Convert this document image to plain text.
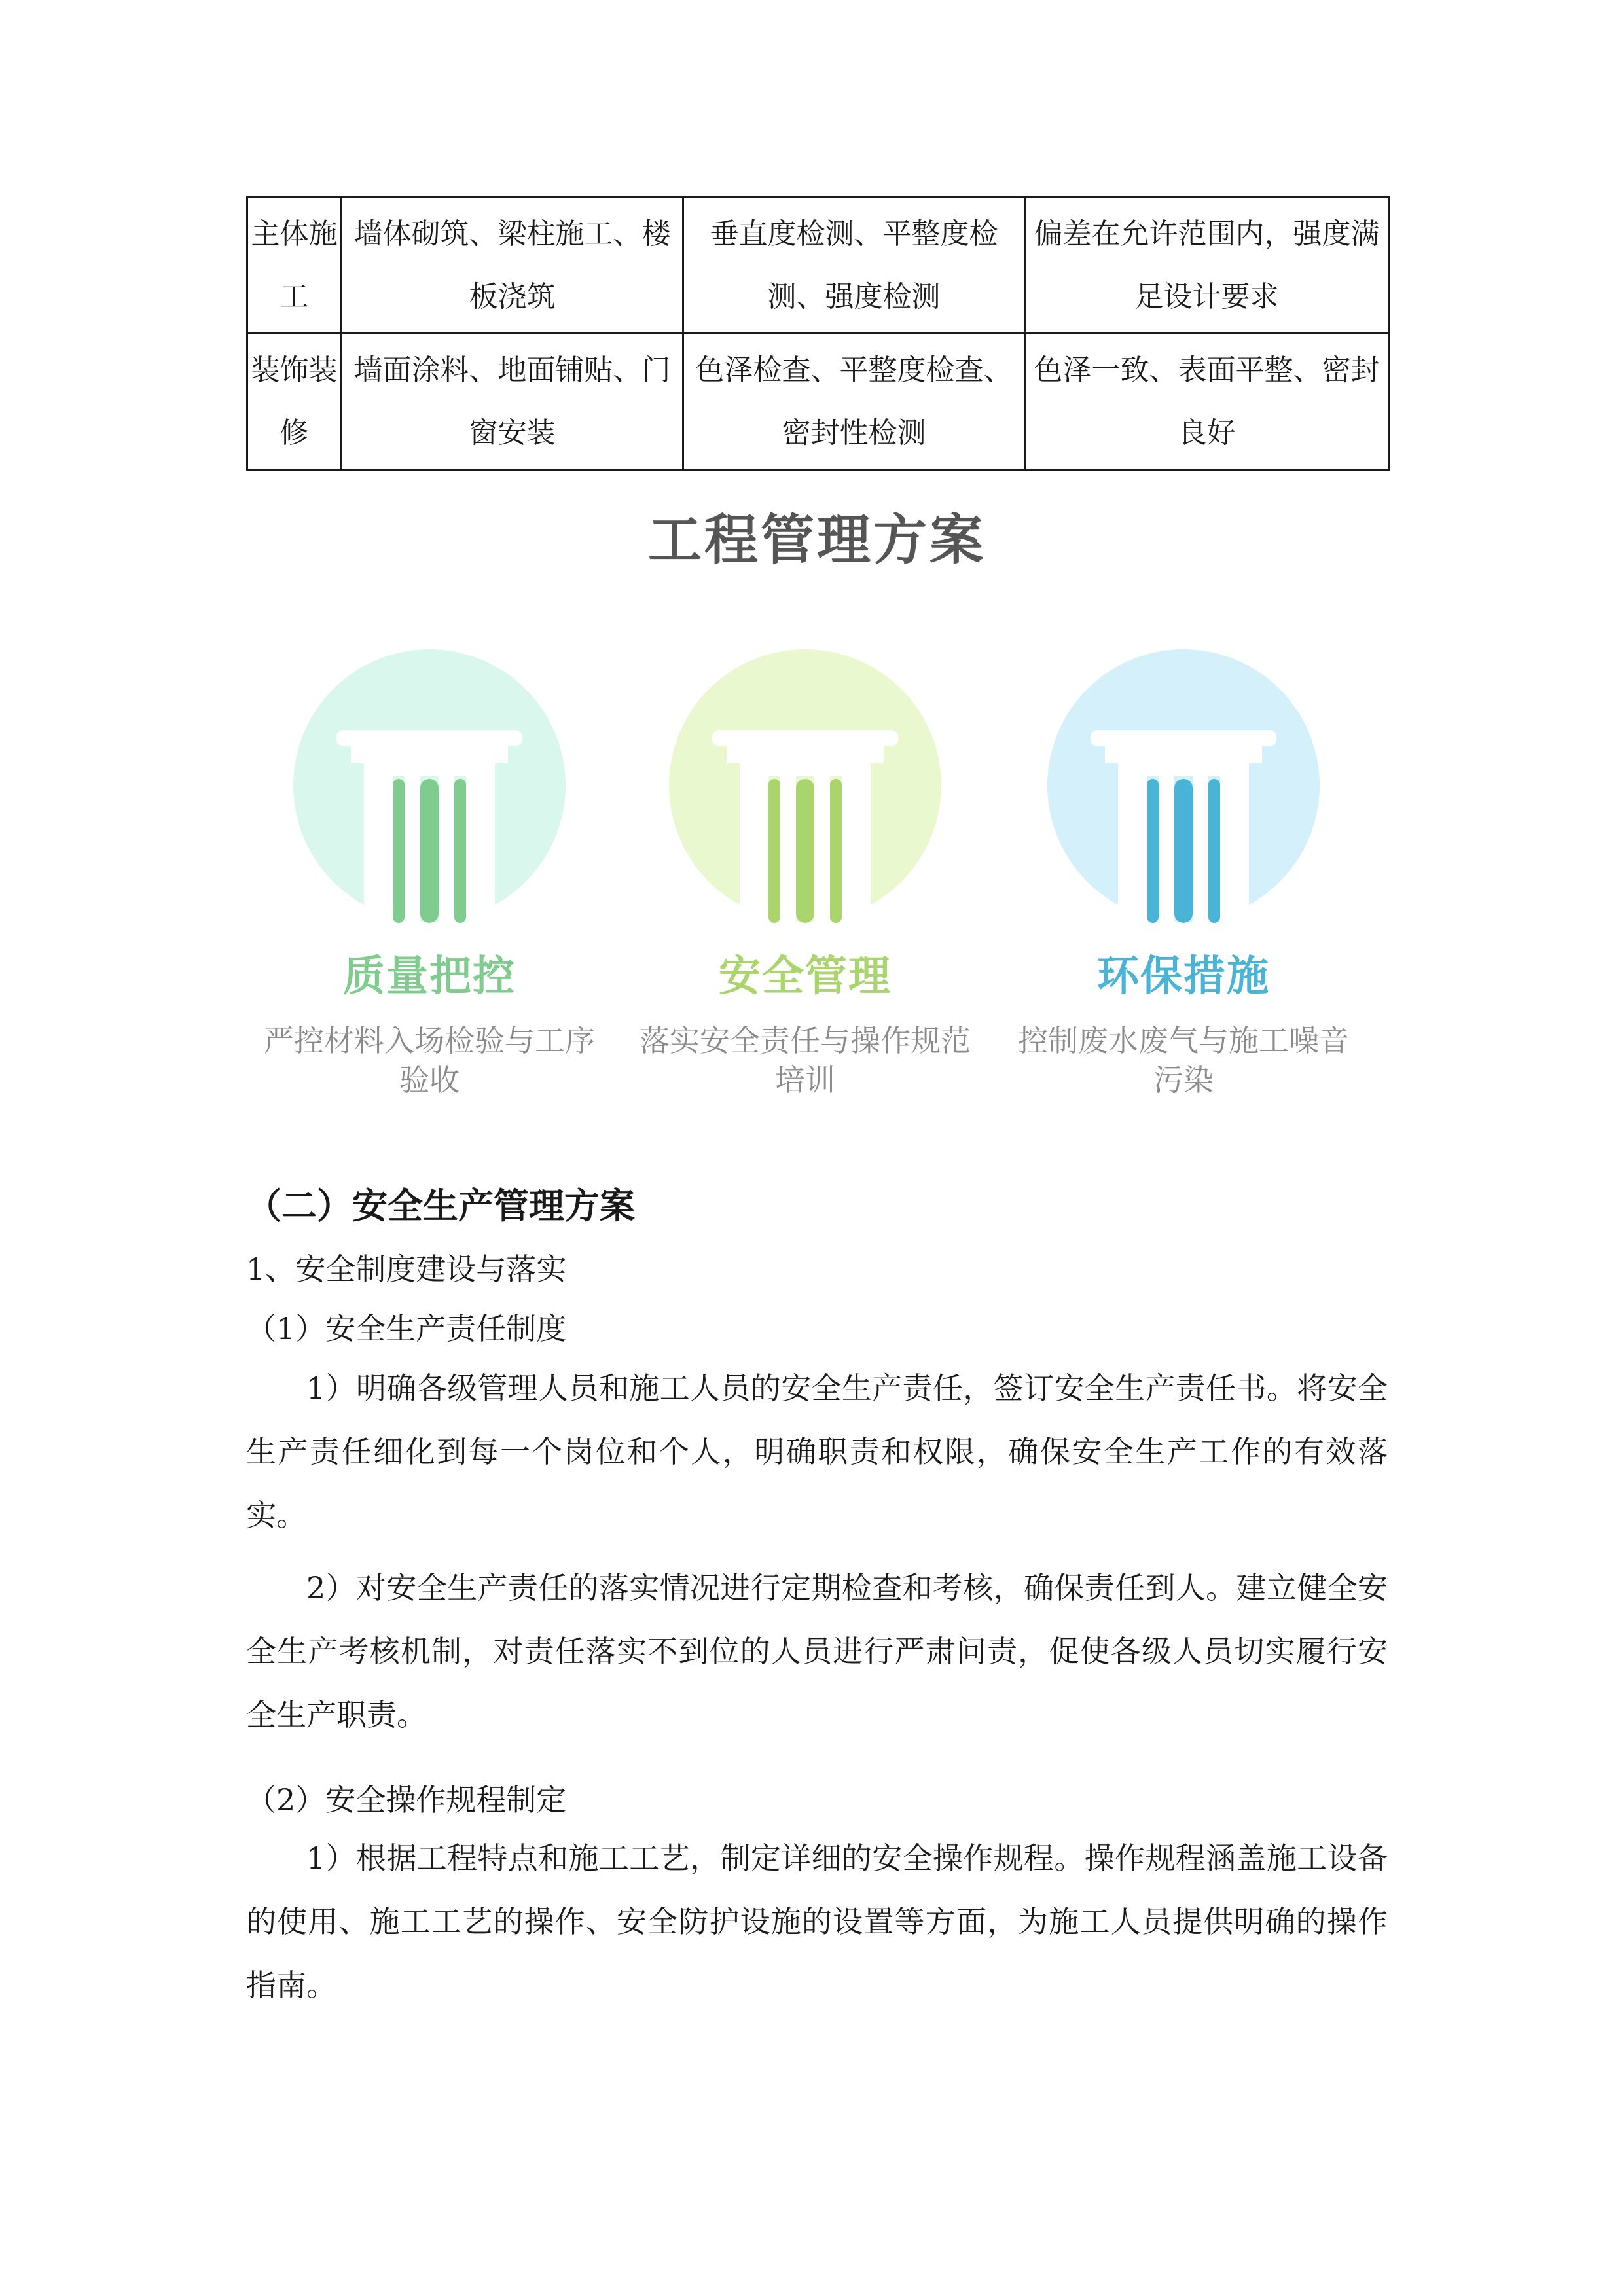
主体施工	墙体砌筑、梁柱施工、楼板浇筑	垂直度检测、平整度检测、强度检测	偏差在允许范围内，强度满足设计要求
装饰装修	墙面涂料、地面铺贴、门窗安装	色泽检查、平整度检查、密封性检测	色泽一致、表面平整、密封良好
工程管理方案
质量把控
严控材料入场检验与工序验收
安全管理
落实安全责任与操作规范培训
环保措施
控制废水废气与施工噪音污染
（二）安全生产管理方案

1、安全制度建设与落实

（1）安全生产责任制度

1）明确各级管理人员和施工人员的安全生产责任，签订安全生产责任书。将安全生产责任细化到每一个岗位和个人，明确职责和权限，确保安全生产工作的有效落实。

2）对安全生产责任的落实情况进行定期检查和考核，确保责任到人。建立健全安全生产考核机制，对责任落实不到位的人员进行严肃问责，促使各级人员切实履行安全生产职责。

（2）安全操作规程制定

1）根据工程特点和施工工艺，制定详细的安全操作规程。操作规程涵盖施工设备的使用、施工工艺的操作、安全防护设施的设置等方面，为施工人员提供明确的操作指南。
